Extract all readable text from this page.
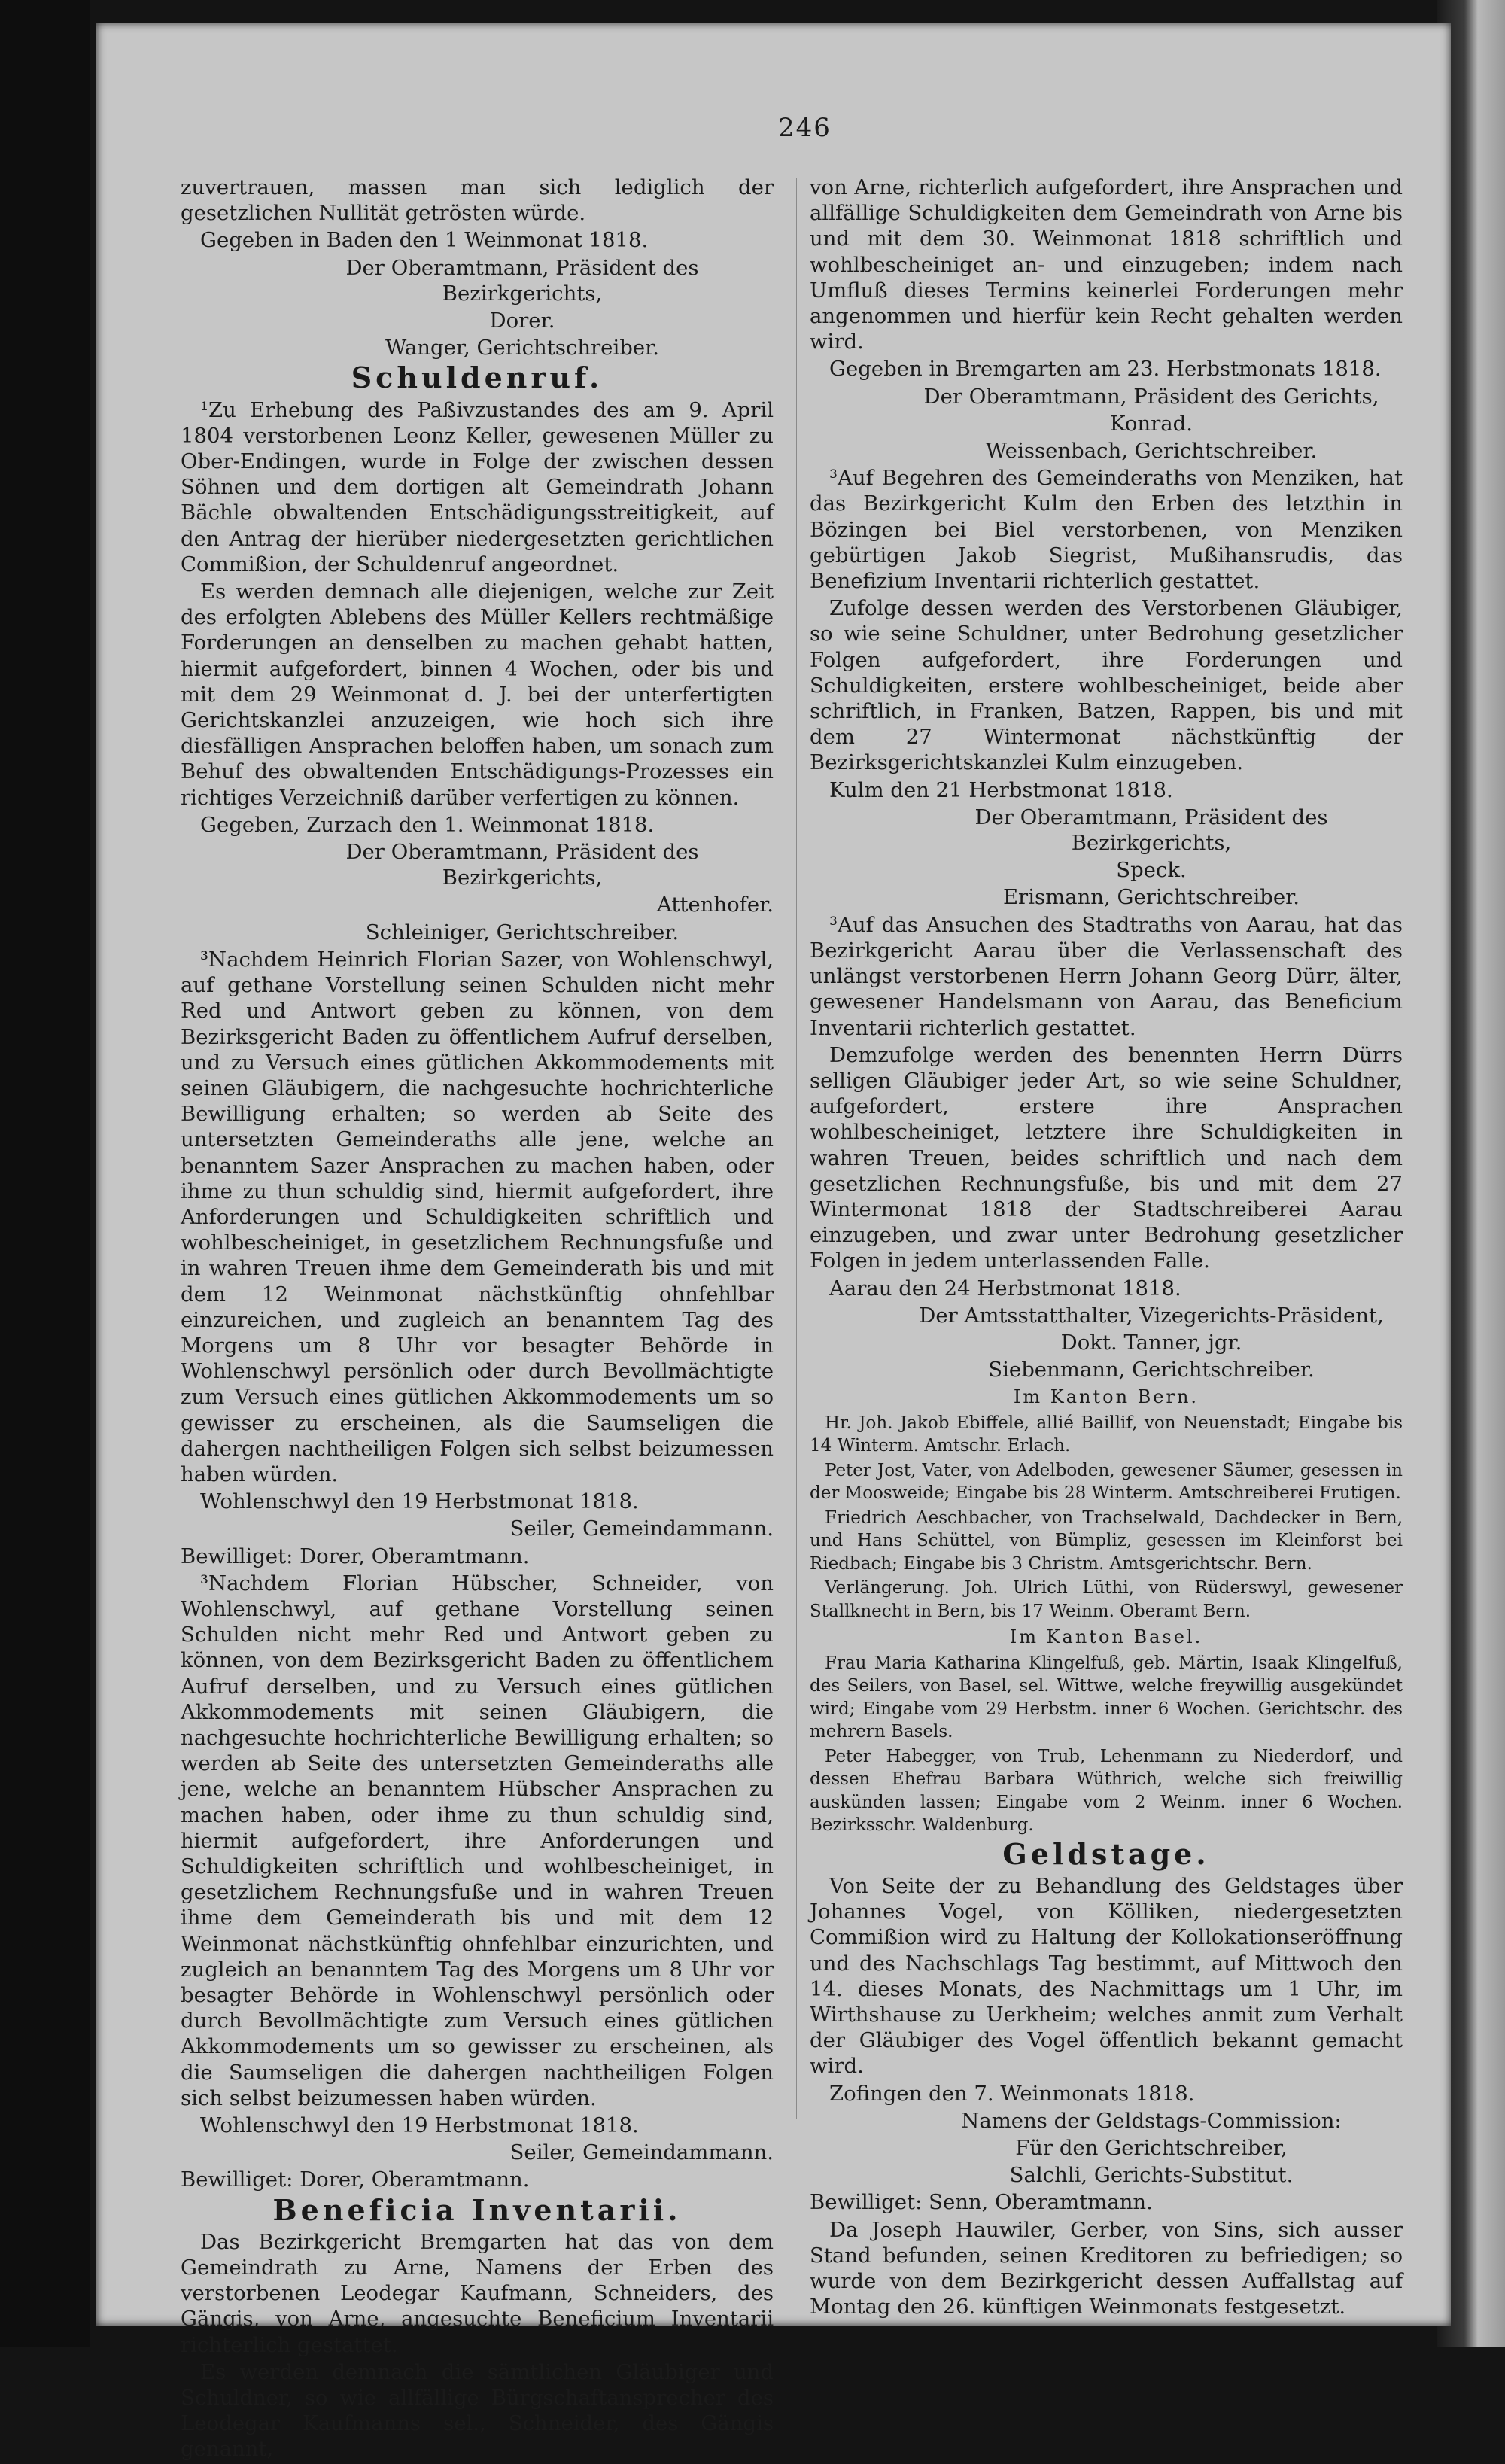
246

zuvertrauen, massen man sich lediglich der gesetzlichen Nullität getrösten würde.

Gegeben in Baden den 1 Weinmonat 1818.

Der Oberamtmann, Präsident des Bezirkgerichts,

Dorer.

Wanger, Gerichtschreiber.

Schuldenruf.

¹Zu Erhebung des Paßivzustandes des am 9. April 1804 verstorbenen Leonz Keller, gewesenen Müller zu Ober-Endingen, wurde in Folge der zwischen dessen Söhnen und dem dortigen alt Gemeindrath Johann Bächle obwaltenden Entschädigungsstreitigkeit, auf den Antrag der hierüber niedergesetzten gerichtlichen Commißion, der Schuldenruf angeordnet.

Es werden demnach alle diejenigen, welche zur Zeit des erfolgten Ablebens des Müller Kellers rechtmäßige Forderungen an denselben zu machen gehabt hatten, hiermit aufgefordert, binnen 4 Wochen, oder bis und mit dem 29 Weinmonat d. J. bei der unterfertigten Gerichtskanzlei anzuzeigen, wie hoch sich ihre diesfälligen Ansprachen beloffen haben, um sonach zum Behuf des obwaltenden Entschädigungs-Prozesses ein richtiges Verzeichniß darüber verfertigen zu können.

Gegeben, Zurzach den 1. Weinmonat 1818.

Der Oberamtmann, Präsident des Bezirkgerichts,

Attenhofer.

Schleiniger, Gerichtschreiber.

³Nachdem Heinrich Florian Sazer, von Wohlenschwyl, auf gethane Vorstellung seinen Schulden nicht mehr Red und Antwort geben zu können, von dem Bezirksgericht Baden zu öffentlichem Aufruf derselben, und zu Versuch eines gütlichen Akkommodements mit seinen Gläubigern, die nachgesuchte hochrichterliche Bewilligung erhalten; so werden ab Seite des untersetzten Gemeinderaths alle jene, welche an benanntem Sazer Ansprachen zu machen haben, oder ihme zu thun schuldig sind, hiermit aufgefordert, ihre Anforderungen und Schuldigkeiten schriftlich und wohlbescheiniget, in gesetzlichem Rechnungsfuße und in wahren Treuen ihme dem Gemeinderath bis und mit dem 12 Weinmonat nächstkünftig ohnfehlbar einzureichen, und zugleich an benanntem Tag des Morgens um 8 Uhr vor besagter Behörde in Wohlenschwyl persönlich oder durch Bevollmächtigte zum Versuch eines gütlichen Akkommodements um so gewisser zu erscheinen, als die Saumseligen die dahergen nachtheiligen Folgen sich selbst beizumessen haben würden.

Wohlenschwyl den 19 Herbstmonat 1818.

Seiler, Gemeindammann.

Bewilliget: Dorer, Oberamtmann.

³Nachdem Florian Hübscher, Schneider, von Wohlenschwyl, auf gethane Vorstellung seinen Schulden nicht mehr Red und Antwort geben zu können, von dem Bezirksgericht Baden zu öffentlichem Aufruf derselben, und zu Versuch eines gütlichen Akkommodements mit seinen Gläubigern, die nachgesuchte hochrichterliche Bewilligung erhalten; so werden ab Seite des untersetzten Gemeinderaths alle jene, welche an benanntem Hübscher Ansprachen zu machen haben, oder ihme zu thun schuldig sind, hiermit aufgefordert, ihre Anforderungen und Schuldigkeiten schriftlich und wohlbescheiniget, in gesetzlichem Rechnungsfuße und in wahren Treuen ihme dem Gemeinderath bis und mit dem 12 Weinmonat nächstkünftig ohnfehlbar einzurichten, und zugleich an benanntem Tag des Morgens um 8 Uhr vor besagter Behörde in Wohlenschwyl persönlich oder durch Bevollmächtigte zum Versuch eines gütlichen Akkommodements um so gewisser zu erscheinen, als die Saumseligen die dahergen nachtheiligen Folgen sich selbst beizumessen haben würden.

Wohlenschwyl den 19 Herbstmonat 1818.

Seiler, Gemeindammann.

Bewilliget: Dorer, Oberamtmann.

Beneficia Inventarii.

Das Bezirkgericht Bremgarten hat das von dem Gemeindrath zu Arne, Namens der Erben des verstorbenen Leodegar Kaufmann, Schneiders, des Gängis, von Arne, angesuchte Beneficium Inventarii richterlich gestattet.

Es werden demnach die sämtlichen Gläubiger und Schuldner, so wie allfällige Bürgschaftansprecher des Leodegar Kaufmanns sel., Schneider, des Gängis genannt,

von Arne, richterlich aufgefordert, ihre Ansprachen und allfällige Schuldigkeiten dem Gemeindrath von Arne bis und mit dem 30. Weinmonat 1818 schriftlich und wohlbescheiniget an- und einzugeben; indem nach Umfluß dieses Termins keinerlei Forderungen mehr angenommen und hierfür kein Recht gehalten werden wird.

Gegeben in Bremgarten am 23. Herbstmonats 1818.

Der Oberamtmann, Präsident des Gerichts,

Konrad.

Weissenbach, Gerichtschreiber.

³Auf Begehren des Gemeinderaths von Menziken, hat das Bezirkgericht Kulm den Erben des letzthin in Bözingen bei Biel verstorbenen, von Menziken gebürtigen Jakob Siegrist, Mußihansrudis, das Benefizium Inventarii richterlich gestattet.

Zufolge dessen werden des Verstorbenen Gläubiger, so wie seine Schuldner, unter Bedrohung gesetzlicher Folgen aufgefordert, ihre Forderungen und Schuldigkeiten, erstere wohlbescheiniget, beide aber schriftlich, in Franken, Batzen, Rappen, bis und mit dem 27 Wintermonat nächstkünftig der Bezirksgerichtskanzlei Kulm einzugeben.

Kulm den 21 Herbstmonat 1818.

Der Oberamtmann, Präsident des Bezirkgerichts,

Speck.

Erismann, Gerichtschreiber.

³Auf das Ansuchen des Stadtraths von Aarau, hat das Bezirkgericht Aarau über die Verlassenschaft des unlängst verstorbenen Herrn Johann Georg Dürr, älter, gewesener Handelsmann von Aarau, das Beneficium Inventarii richterlich gestattet.

Demzufolge werden des benennten Herrn Dürrs selligen Gläubiger jeder Art, so wie seine Schuldner, aufgefordert, erstere ihre Ansprachen wohlbescheiniget, letztere ihre Schuldigkeiten in wahren Treuen, beides schriftlich und nach dem gesetzlichen Rechnungsfuße, bis und mit dem 27 Wintermonat 1818 der Stadtschreiberei Aarau einzugeben, und zwar unter Bedrohung gesetzlicher Folgen in jedem unterlassenden Falle.

Aarau den 24 Herbstmonat 1818.

Der Amtsstatthalter, Vizegerichts-Präsident,

Dokt. Tanner, jgr.

Siebenmann, Gerichtschreiber.

Im Kanton Bern.

Hr. Joh. Jakob Ebiffele, allié Baillif, von Neuenstadt; Eingabe bis 14 Winterm. Amtschr. Erlach.

Peter Jost, Vater, von Adelboden, gewesener Säumer, gesessen in der Moosweide; Eingabe bis 28 Winterm. Amtschreiberei Frutigen.

Friedrich Aeschbacher, von Trachselwald, Dachdecker in Bern, und Hans Schüttel, von Bümpliz, gesessen im Kleinforst bei Riedbach; Eingabe bis 3 Christm. Amtsgerichtschr. Bern.

Verlängerung. Joh. Ulrich Lüthi, von Rüderswyl, gewesener Stallknecht in Bern, bis 17 Weinm. Oberamt Bern.

Im Kanton Basel.

Frau Maria Katharina Klingelfuß, geb. Märtin, Isaak Klingelfuß, des Seilers, von Basel, sel. Wittwe, welche freywillig ausgekündet wird; Eingabe vom 29 Herbstm. inner 6 Wochen. Gerichtschr. des mehrern Basels.

Peter Habegger, von Trub, Lehenmann zu Niederdorf, und dessen Ehefrau Barbara Wüthrich, welche sich freiwillig auskünden lassen; Eingabe vom 2 Weinm. inner 6 Wochen. Bezirksschr. Waldenburg.

Geldstage.

Von Seite der zu Behandlung des Geldstages über Johannes Vogel, von Kölliken, niedergesetzten Commißion wird zu Haltung der Kollokationseröffnung und des Nachschlags Tag bestimmt, auf Mittwoch den 14. dieses Monats, des Nachmittags um 1 Uhr, im Wirthshause zu Uerkheim; welches anmit zum Verhalt der Gläubiger des Vogel öffentlich bekannt gemacht wird.

Zofingen den 7. Weinmonats 1818.

Namens der Geldstags-Commission:

Für den Gerichtschreiber,

Salchli, Gerichts-Substitut.

Bewilliget: Senn, Oberamtmann.

Da Joseph Hauwiler, Gerber, von Sins, sich ausser Stand befunden, seinen Kreditoren zu befriedigen; so wurde von dem Bezirkgericht dessen Auffallstag auf Montag den 26. künftigen Weinmonats festgesetzt.
